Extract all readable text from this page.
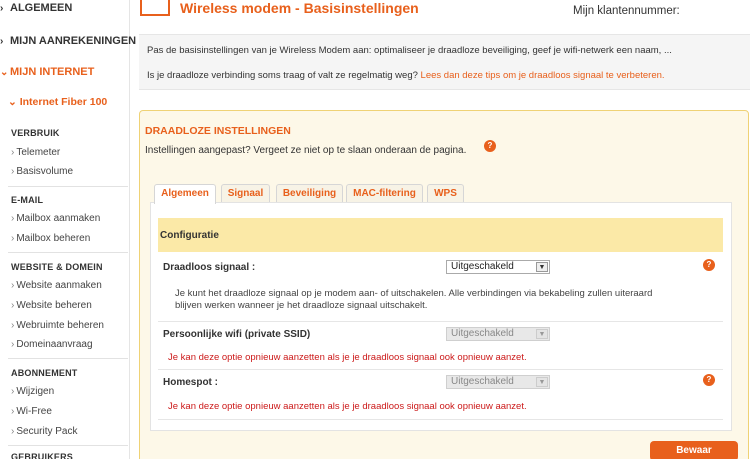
› ALGEMEEN
› MIJN AANREKENINGEN
⌄ MIJN INTERNET
⌄ Internet Fiber 100
VERBRUIK
› Telemeter
› Basisvolume
E-MAIL
› Mailbox aanmaken
› Mailbox beheren
WEBSITE & DOMEIN
› Website aanmaken
› Website beheren
› Webruimte beheren
› Domeinaanvraag
ABONNEMENT
› Wijzigen
› Wi-Free
› Security Pack
GEBRUIKERS
Wireless modem - Basisinstellingen	Mijn klantennummer:
Pas de basisinstellingen van je Wireless Modem aan: optimaliseer je draadloze beveiliging, geef je wifi-netwerk een naam, ...
Is je draadloze verbinding soms traag of valt ze regelmatig weg? Lees dan deze tips om je draadloos signaal te verbeteren.
DRAADLOZE INSTELLINGEN
Instellingen aangepast? Vergeet ze niet op te slaan onderaan de pagina.	?
Algemeen	Signaal	Beveiliging	MAC-filtering	WPS
Configuratie
Draadloos signaal :	Uitgeschakeld	▼	?
Je kunt het draadloze signaal op je modem aan- of uitschakelen. Alle verbindingen via bekabeling zullen uiteraard
blijven werken wanneer je het draadloze signaal uitschakelt.
Persoonlijke wifi (private SSID)	Uitgeschakeld	▼
Je kan deze optie opnieuw aanzetten als je je draadloos signaal ook opnieuw aanzet.
Homespot :	Uitgeschakeld	▼	?
Je kan deze optie opnieuw aanzetten als je je draadloos signaal ook opnieuw aanzet.
Bewaar
